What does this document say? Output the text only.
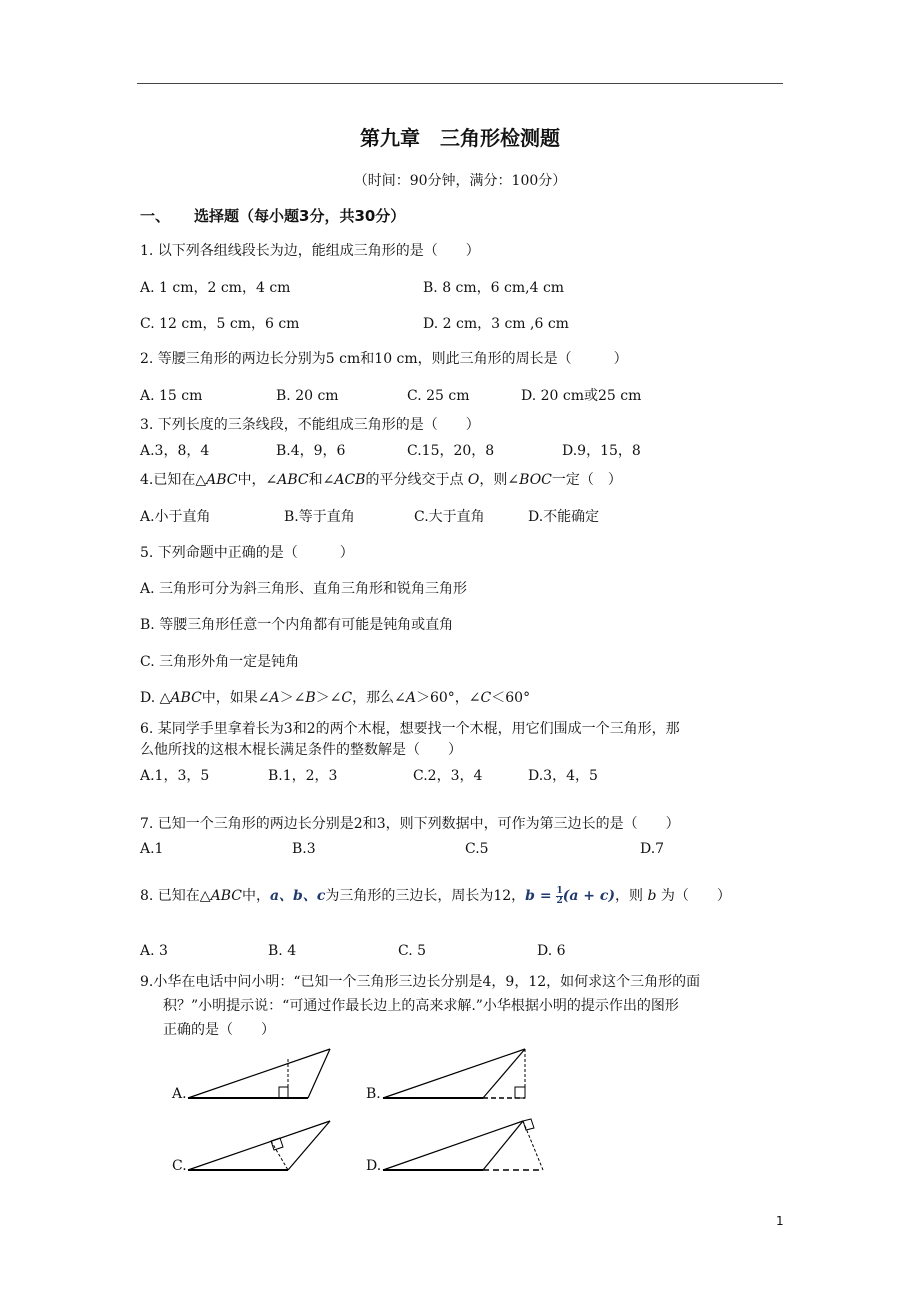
第九章　三角形检测题
（时间：90分钟，满分：100分）
一、 选择题（每小题3分，共30分）
1. 以下列各组线段长为边，能组成三角形的是（　　）
A. 1 cm，2 cm，4 cm	B. 8 cm，6 cm,4 cm
C. 12 cm，5 cm，6 cm	D. 2 cm，3 cm ,6 cm
2. 等腰三角形的两边长分别为5 cm和10 cm，则此三角形的周长是（　　　）
A. 15 cm	B. 20 cm	C. 25 cm	D. 20 cm或25 cm
3. 下列长度的三条线段，不能组成三角形的是（　　）
A.3，8，4	B.4，9，6	C.15，20，8	D.9，15，8
4.已知在△ABC中，∠ABC和∠ACB的平分线交于点 O，则∠BOC一定（　）
A.小于直角	B.等于直角	C.大于直角	D.不能确定
5. 下列命题中正确的是（　　　）
A. 三角形可分为斜三角形、直角三角形和锐角三角形
B. 等腰三角形任意一个内角都有可能是钝角或直角
C. 三角形外角一定是钝角
D. △ABC中，如果∠A＞∠B＞∠C，那么∠A＞60°，∠C＜60°
6. 某同学手里拿着长为3和2的两个木棍，想要找一个木棍，用它们围成一个三角形，那
么他所找的这根木棍长满足条件的整数解是（　　）
A.1，3，5	B.1，2，3	C.2，3，4	D.3，4，5
7. 已知一个三角形的两边长分别是2和3，则下列数据中，可作为第三边长的是（　　）
A.1	B.3	C.5	D.7
8. 已知在△ABC中，a、b、c为三角形的三边长，周长为12，$b = \frac{1}{2} (a + c)$，则 b 为（　　）
A. 3	B. 4	C. 5	D. 6
9.小华在电话中问小明：“已知一个三角形三边长分别是4，9，12，如何求这个三角形的面
积？”小明提示说：“可通过作最长边上的高来求解.”小华根据小明的提示作出的图形
正确的是（　　）
A.	B.
C.	D.
1
